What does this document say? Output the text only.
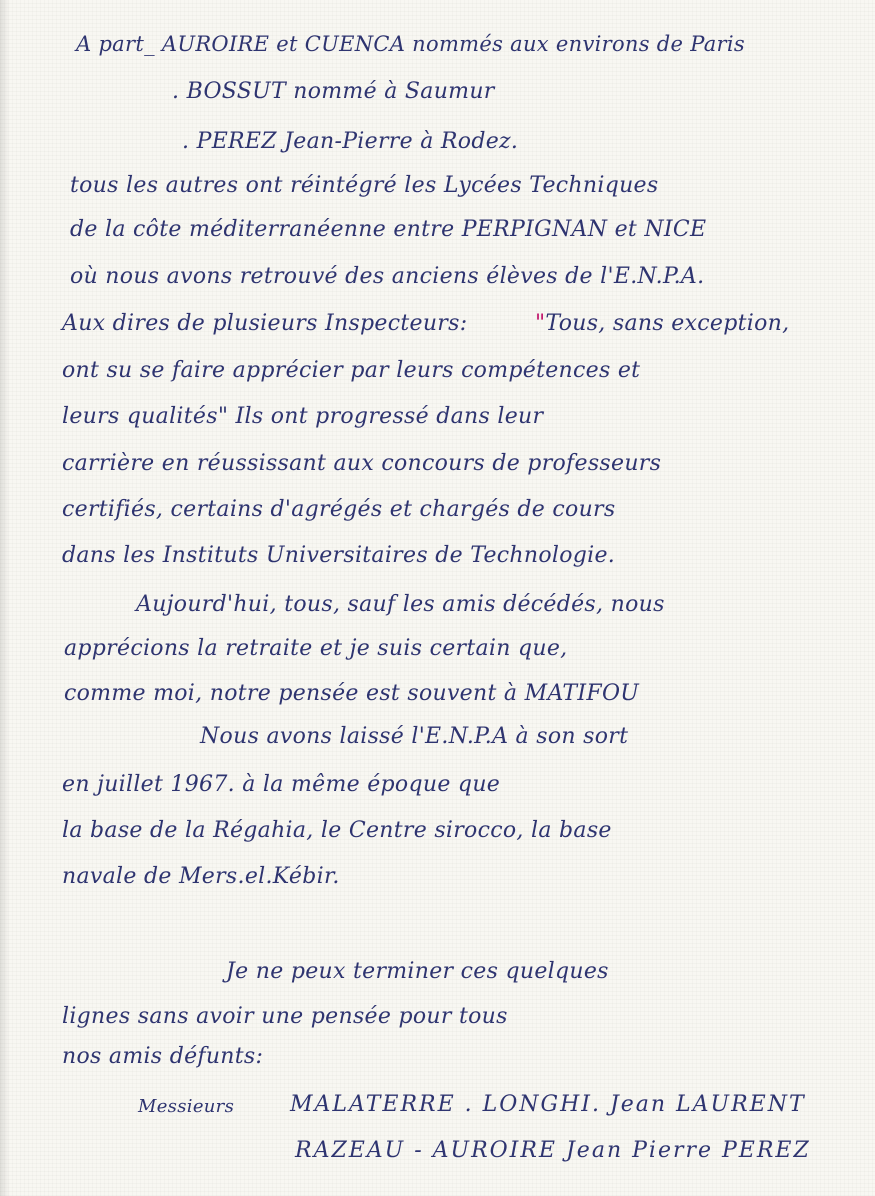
A part_ AUROIRE et CUENCA nommés aux environs de Paris
. BOSSUT nommé à Saumur
. PEREZ Jean-Pierre à Rodez.
tous les autres ont réintégré les Lycées Techniques
de la côte méditerranéenne entre PERPIGNAN et NICE
où nous avons retrouvé des anciens élèves de l'E.N.P.A.
Aux dires de plusieurs Inspecteurs:	"Tous, sans exception,
ont su se faire apprécier par leurs compétences et
leurs qualités" Ils ont progressé dans leur
carrière en réussissant aux concours de professeurs
certifiés, certains d'agrégés et chargés de cours
dans les Instituts Universitaires de Technologie.
Aujourd'hui, tous, sauf les amis décédés, nous
apprécions la retraite et je suis certain que,
comme moi, notre pensée est souvent à MATIFOU
Nous avons laissé l'E.N.P.A à son sort
en juillet 1967. à la même époque que
la base de la Régahia, le Centre sirocco, la base
navale de Mers.el.Kébir.
Je ne peux terminer ces quelques
lignes sans avoir une pensée pour tous
nos amis défunts:
Messieurs	MALATERRE . LONGHI. Jean LAURENT
RAZEAU - AUROIRE Jean Pierre PEREZ
